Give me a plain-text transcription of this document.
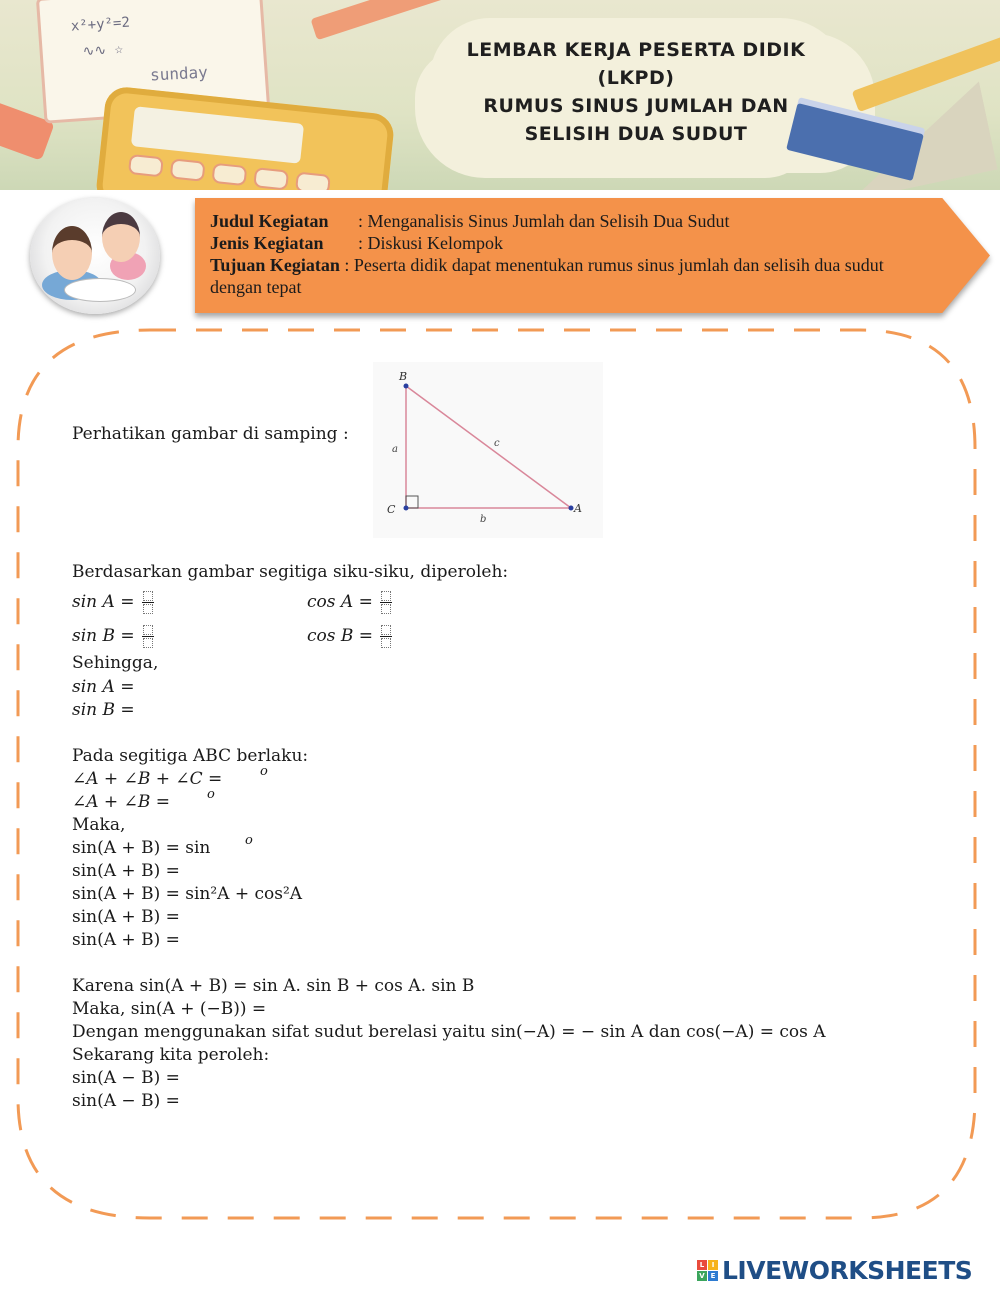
x²+y²=2
∿∿ ☆
sunday
LEMBAR KERJA PESERTA DIDIK
(LKPD)
RUMUS SINUS JUMLAH DAN
SELISIH DUA SUDUT
Judul Kegiatan : Menganalisis Sinus Jumlah dan Selisih Dua Sudut
Jenis Kegiatan : Diskusi Kelompok
Tujuan Kegiatan : Peserta didik dapat menentukan rumus sinus jumlah dan selisih dua sudut
dengan tepat
B
C	A
a
b
c
Perhatikan gambar di samping :
Berdasarkan gambar segitiga siku-siku, diperoleh:
sin A =	cos A =
sin B =	cos B =
Sehingga,
sin A =
sin B =
Pada segitiga ABC berlaku:
∠A + ∠B + ∠C =	o
∠A + ∠B =	o
Maka,
sin(A + B) = sin	o
sin(A + B) =
sin(A + B) = sin²A + cos²A
sin(A + B) =
sin(A + B) =
Karena sin(A + B) = sin A. sin B + cos A. sin B
Maka, sin(A + (−B)) =
Dengan menggunakan sifat sudut berelasi yaitu sin(−A) = − sin A dan cos(−A) = cos A
Sekarang kita peroleh:
sin(A − B) =
sin(A − B) =
L	I
V E LIVEWORKSHEETS
